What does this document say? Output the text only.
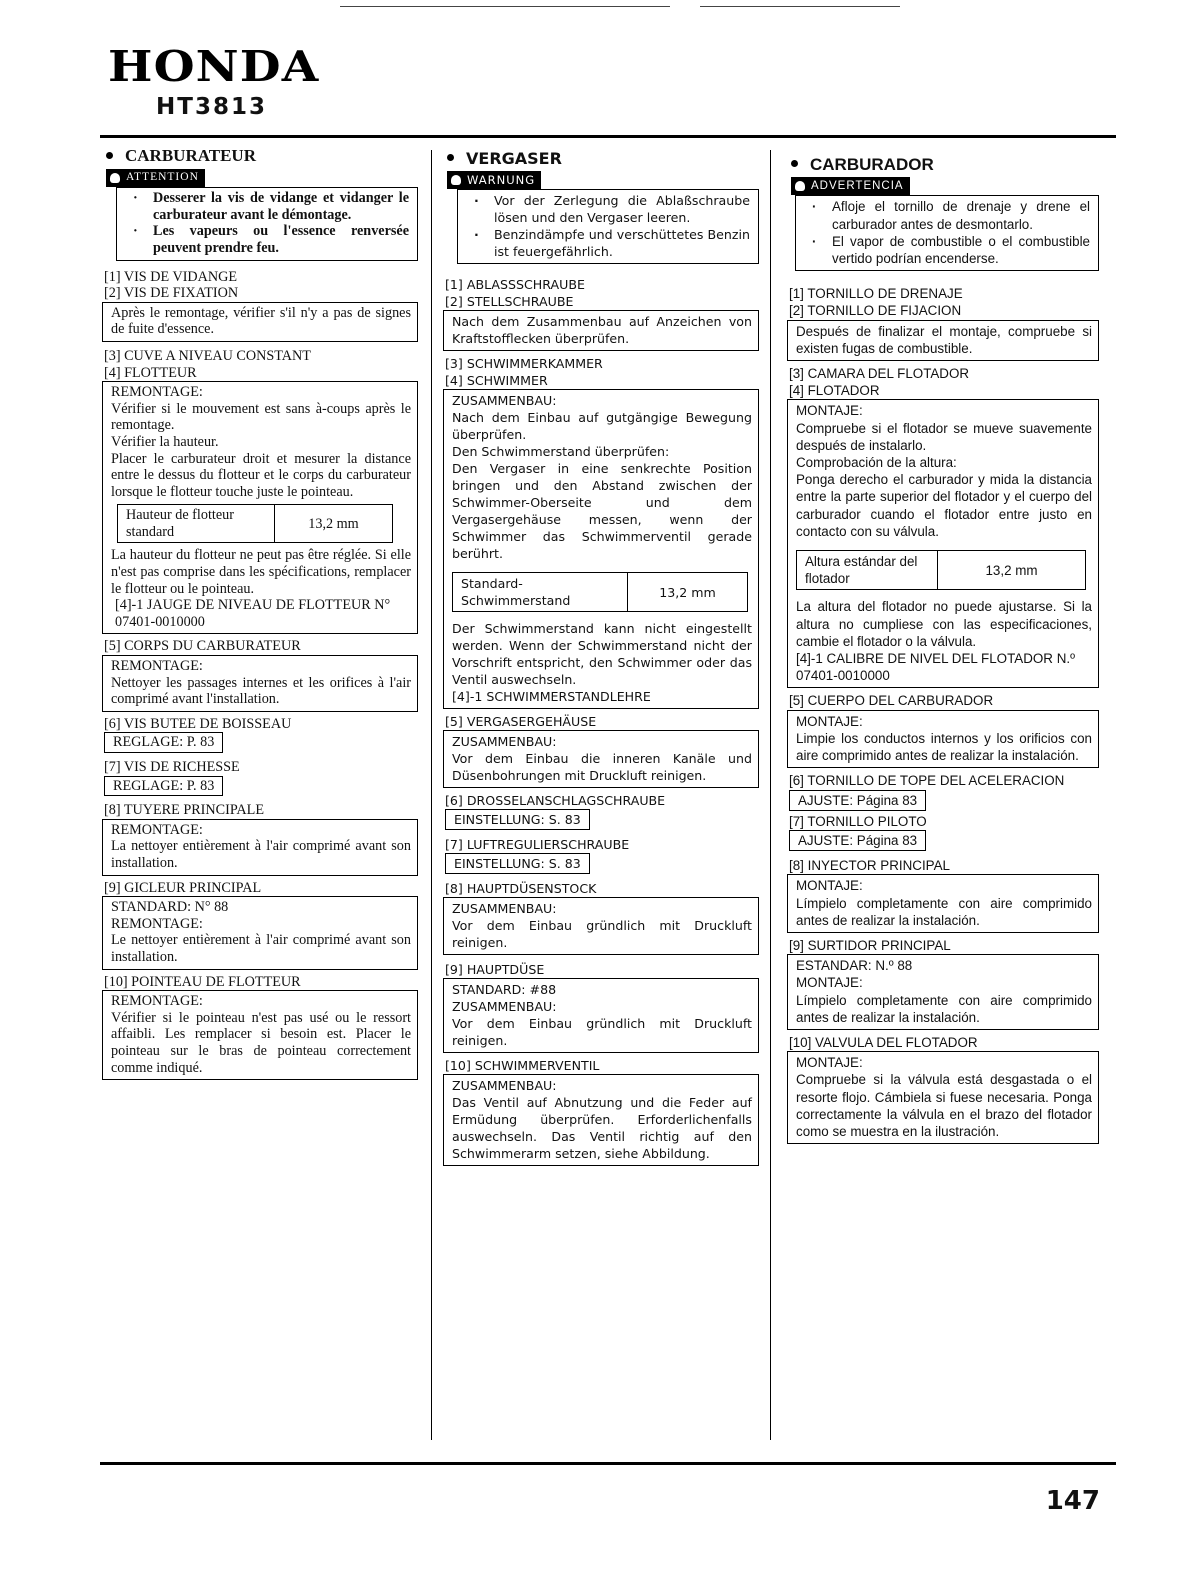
HONDA
HT3813
CARBURATEUR
ATTENTION
· Desserer la vis de vidange et vidanger le carburateur avant le démontage.
· Les vapeurs ou l'essence renversée peuvent prendre feu.
[1] VIS DE VIDANGE
[2] VIS DE FIXATION
Après le remontage, vérifier s'il n'y a pas de signes de fuite d'essence.
[3] CUVE A NIVEAU CONSTANT
[4] FLOTTEUR
REMONTAGE:
Vérifier si le mouvement est sans à-coups après le remontage.
Vérifier la hauteur.
Placer le carburateur droit et mesurer la distance entre le dessus du flotteur et le corps du carburateur lorsque le flotteur touche juste le pointeau.
Hauteur de flotteur standard	13,2 mm
La hauteur du flotteur ne peut pas être réglée. Si elle n'est pas comprise dans les spécifications, remplacer le flotteur ou le pointeau.
[4]-1 JAUGE DE NIVEAU DE FLOTTEUR N° 07401-0010000
[5] CORPS DU CARBURATEUR
REMONTAGE:
Nettoyer les passages internes et les orifices à l'air comprimé avant l'installation.
[6] VIS BUTEE DE BOISSEAU
REGLAGE: P. 83
[7] VIS DE RICHESSE
REGLAGE: P. 83
[8] TUYERE PRINCIPALE
REMONTAGE:
La nettoyer entièrement à l'air comprimé avant son installation.
[9] GICLEUR PRINCIPAL
STANDARD: N° 88
REMONTAGE:
Le nettoyer entièrement à l'air comprimé avant son installation.
[10] POINTEAU DE FLOTTEUR
REMONTAGE:
Vérifier si le pointeau n'est pas usé ou le ressort affaibli. Les remplacer si besoin est. Placer le pointeau sur le bras de pointeau correctement comme indiqué.
VERGASER
WARNUNG
· Vor der Zerlegung die Ablaßschraube lösen und den Vergaser leeren.
· Benzindämpfe und verschüttetes Benzin ist feuergefährlich.
[1] ABLASSSCHRAUBE
[2] STELLSCHRAUBE
Nach dem Zusammenbau auf Anzeichen von Kraftstofflecken überprüfen.
[3] SCHWIMMERKAMMER
[4] SCHWIMMER
ZUSAMMENBAU:
Nach dem Einbau auf gutgängige Bewegung überprüfen.
Den Schwimmerstand überprüfen:
Den Vergaser in eine senkrechte Position bringen und den Abstand zwischen der Schwimmer-Oberseite und dem Vergasergehäuse messen, wenn der Schwimmer das Schwimmerventil gerade berührt.
Standard-Schwimmerstand	13,2 mm
Der Schwimmerstand kann nicht eingestellt werden. Wenn der Schwimmerstand nicht der Vorschrift entspricht, den Schwimmer oder das Ventil auswechseln.
[4]-1 SCHWIMMERSTANDLEHRE
[5] VERGASERGEHÄUSE
ZUSAMMENBAU:
Vor dem Einbau die inneren Kanäle und Düsenbohrungen mit Druckluft reinigen.
[6] DROSSELANSCHLAGSCHRAUBE
EINSTELLUNG: S. 83
[7] LUFTREGULIERSCHRAUBE
EINSTELLUNG: S. 83
[8] HAUPTDÜSENSTOCK
ZUSAMMENBAU:
Vor dem Einbau gründlich mit Druckluft reinigen.
[9] HAUPTDÜSE
STANDARD: #88
ZUSAMMENBAU:
Vor dem Einbau gründlich mit Druckluft reinigen.
[10] SCHWIMMERVENTIL
ZUSAMMENBAU:
Das Ventil auf Abnutzung und die Feder auf Ermüdung überprüfen. Erforderlichenfalls auswechseln. Das Ventil richtig auf den Schwimmerarm setzen, siehe Abbildung.
CARBURADOR
ADVERTENCIA
· Afloje el tornillo de drenaje y drene el carburador antes de desmontarlo.
· El vapor de combustible o el combustible vertido podrían encenderse.
[1] TORNILLO DE DRENAJE
[2] TORNILLO DE FIJACION
Después de finalizar el montaje, compruebe si existen fugas de combustible.
[3] CAMARA DEL FLOTADOR
[4] FLOTADOR
MONTAJE:
Compruebe si el flotador se mueve suavemente después de instalarlo.
Comprobación de la altura:
Ponga derecho el carburador y mida la distancia entre la parte superior del flotador y el cuerpo del carburador cuando el flotador entre justo en contacto con su válvula.
Altura estándar del flotador	13,2 mm
La altura del flotador no puede ajustarse. Si la altura no cumpliese con las especificaciones, cambie el flotador o la válvula.
[4]-1 CALIBRE DE NIVEL DEL FLOTADOR N.º 07401-0010000
[5] CUERPO DEL CARBURADOR
MONTAJE:
Limpie los conductos internos y los orificios con aire comprimido antes de realizar la instalación.
[6] TORNILLO DE TOPE DEL ACELERACION
AJUSTE: Página 83
[7] TORNILLO PILOTO
AJUSTE: Página 83
[8] INYECTOR PRINCIPAL
MONTAJE:
Límpielo completamente con aire comprimido antes de realizar la instalación.
[9] SURTIDOR PRINCIPAL
ESTANDAR: N.º 88
MONTAJE:
Límpielo completamente con aire comprimido antes de realizar la instalación.
[10] VALVULA DEL FLOTADOR
MONTAJE:
Compruebe si la válvula está desgastada o el resorte flojo. Cámbiela si fuese necesaria. Ponga correctamente la válvula en el brazo del flotador como se muestra en la ilustración.
147
